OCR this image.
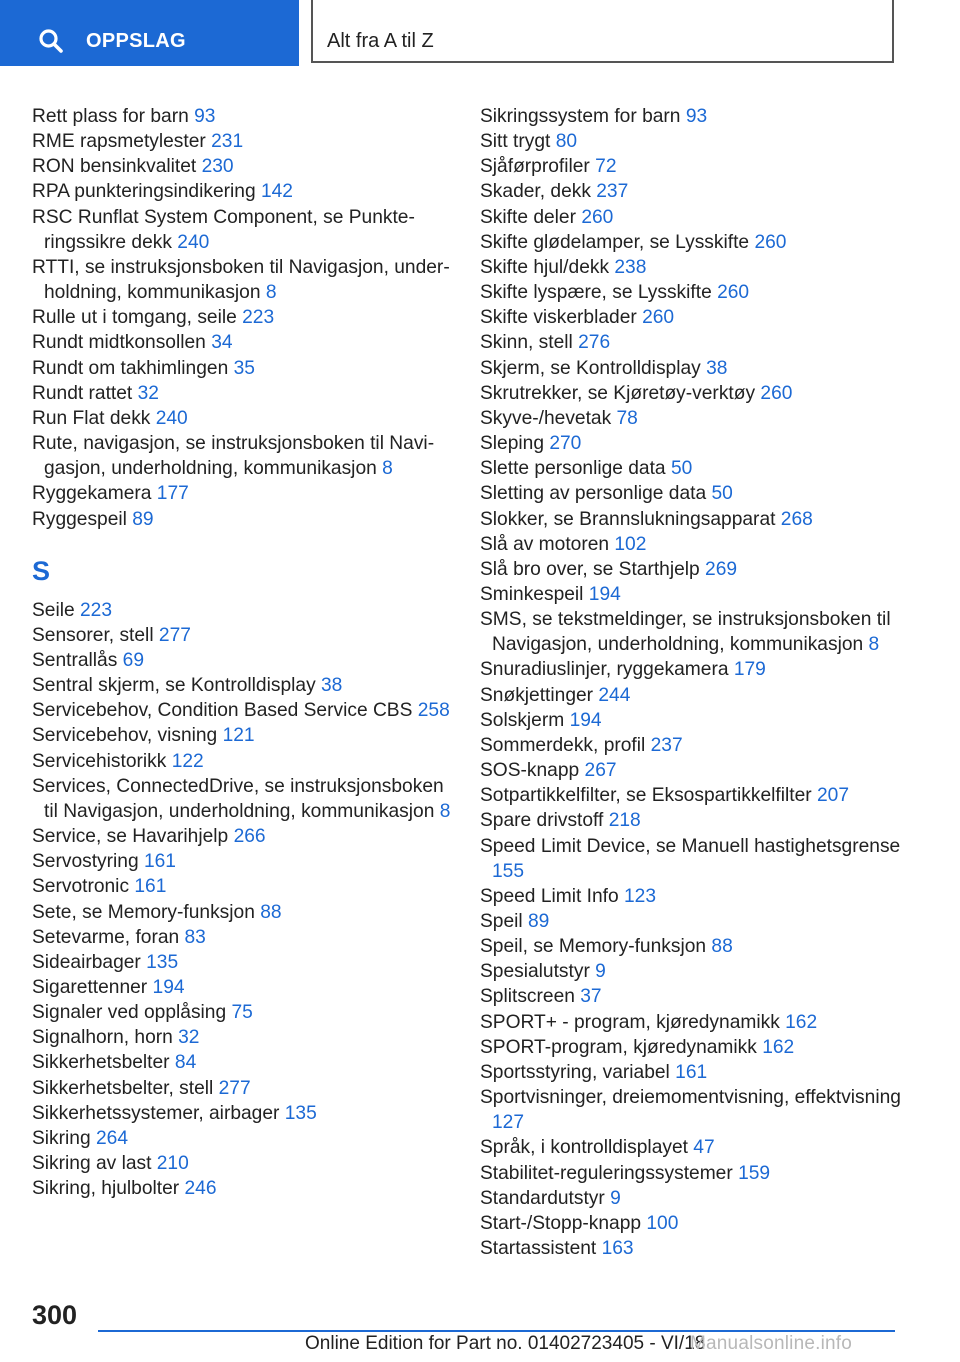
OPPSLAG	Alt fra A til Z
Rett plass for barn 93
RME rapsmetylester 231
RON bensinkvalitet 230
RPA punkteringsindikering 142
RSC Runflat System Component, se Punkteringssikre dekk 240
RTTI, se instruksjonsboken til Navigasjon, underholdning, kommunikasjon 8
Rulle ut i tomgang, seile 223
Rundt midtkonsollen 34
Rundt om takhimlingen 35
Rundt rattet 32
Run Flat dekk 240
Rute, navigasjon, se instruksjonsboken til Navigasjon, underholdning, kommunikasjon 8
Ryggekamera 177
Ryggespeil 89
S
Seile 223
Sensorer, stell 277
Sentrallås 69
Sentral skjerm, se Kontrolldisplay 38
Servicebehov, Condition Based Service CBS 258
Servicebehov, visning 121
Servicehistorikk 122
Services, ConnectedDrive, se instruksjonsboken til Navigasjon, underholdning, kommunikasjon 8
Service, se Havarihjelp 266
Servostyring 161
Servotronic 161
Sete, se Memory-funksjon 88
Setevarme, foran 83
Sideairbager 135
Sigarettenner 194
Signaler ved opplåsing 75
Signalhorn, horn 32
Sikkerhetsbelter 84
Sikkerhetsbelter, stell 277
Sikkerhetssystemer, airbager 135
Sikring 264
Sikring av last 210
Sikring, hjulbolter 246
Sikringssystem for barn 93
Sitt trygt 80
Sjåførprofiler 72
Skader, dekk 237
Skifte deler 260
Skifte glødelamper, se Lysskifte 260
Skifte hjul/dekk 238
Skifte lyspære, se Lysskifte 260
Skifte viskerblader 260
Skinn, stell 276
Skjerm, se Kontrolldisplay 38
Skrutrekker, se Kjøretøy-verktøy 260
Skyve-/hevetak 78
Sleping 270
Slette personlige data 50
Sletting av personlige data 50
Slokker, se Brannslukningsapparat 268
Slå av motoren 102
Slå bro over, se Starthjelp 269
Sminkespeil 194
SMS, se tekstmeldinger, se instruksjonsboken til Navigasjon, underholdning, kommunikasjon 8
Snuradiuslinjer, ryggekamera 179
Snøkjettinger 244
Solskjerm 194
Sommerdekk, profil 237
SOS-knapp 267
Sotpartikkelfilter, se Eksospartikkelfilter 207
Spare drivstoff 218
Speed Limit Device, se Manuell hastighetsgrense 155
Speed Limit Info 123
Speil 89
Speil, se Memory-funksjon 88
Spesialutstyr 9
Splitscreen 37
SPORT+ - program, kjøredynamikk 162
SPORT-program, kjøredynamikk 162
Sportsstyring, variabel 161
Sportvisninger, dreiemomentvisning, effektvisning 127
Språk, i kontrolldisplayet 47
Stabilitet-reguleringssystemer 159
Standardutstyr 9
Start-/Stopp-knapp 100
Startassistent 163
300
Online Edition for Part no. 01402723405 - VI/18
Manualsonline.info
